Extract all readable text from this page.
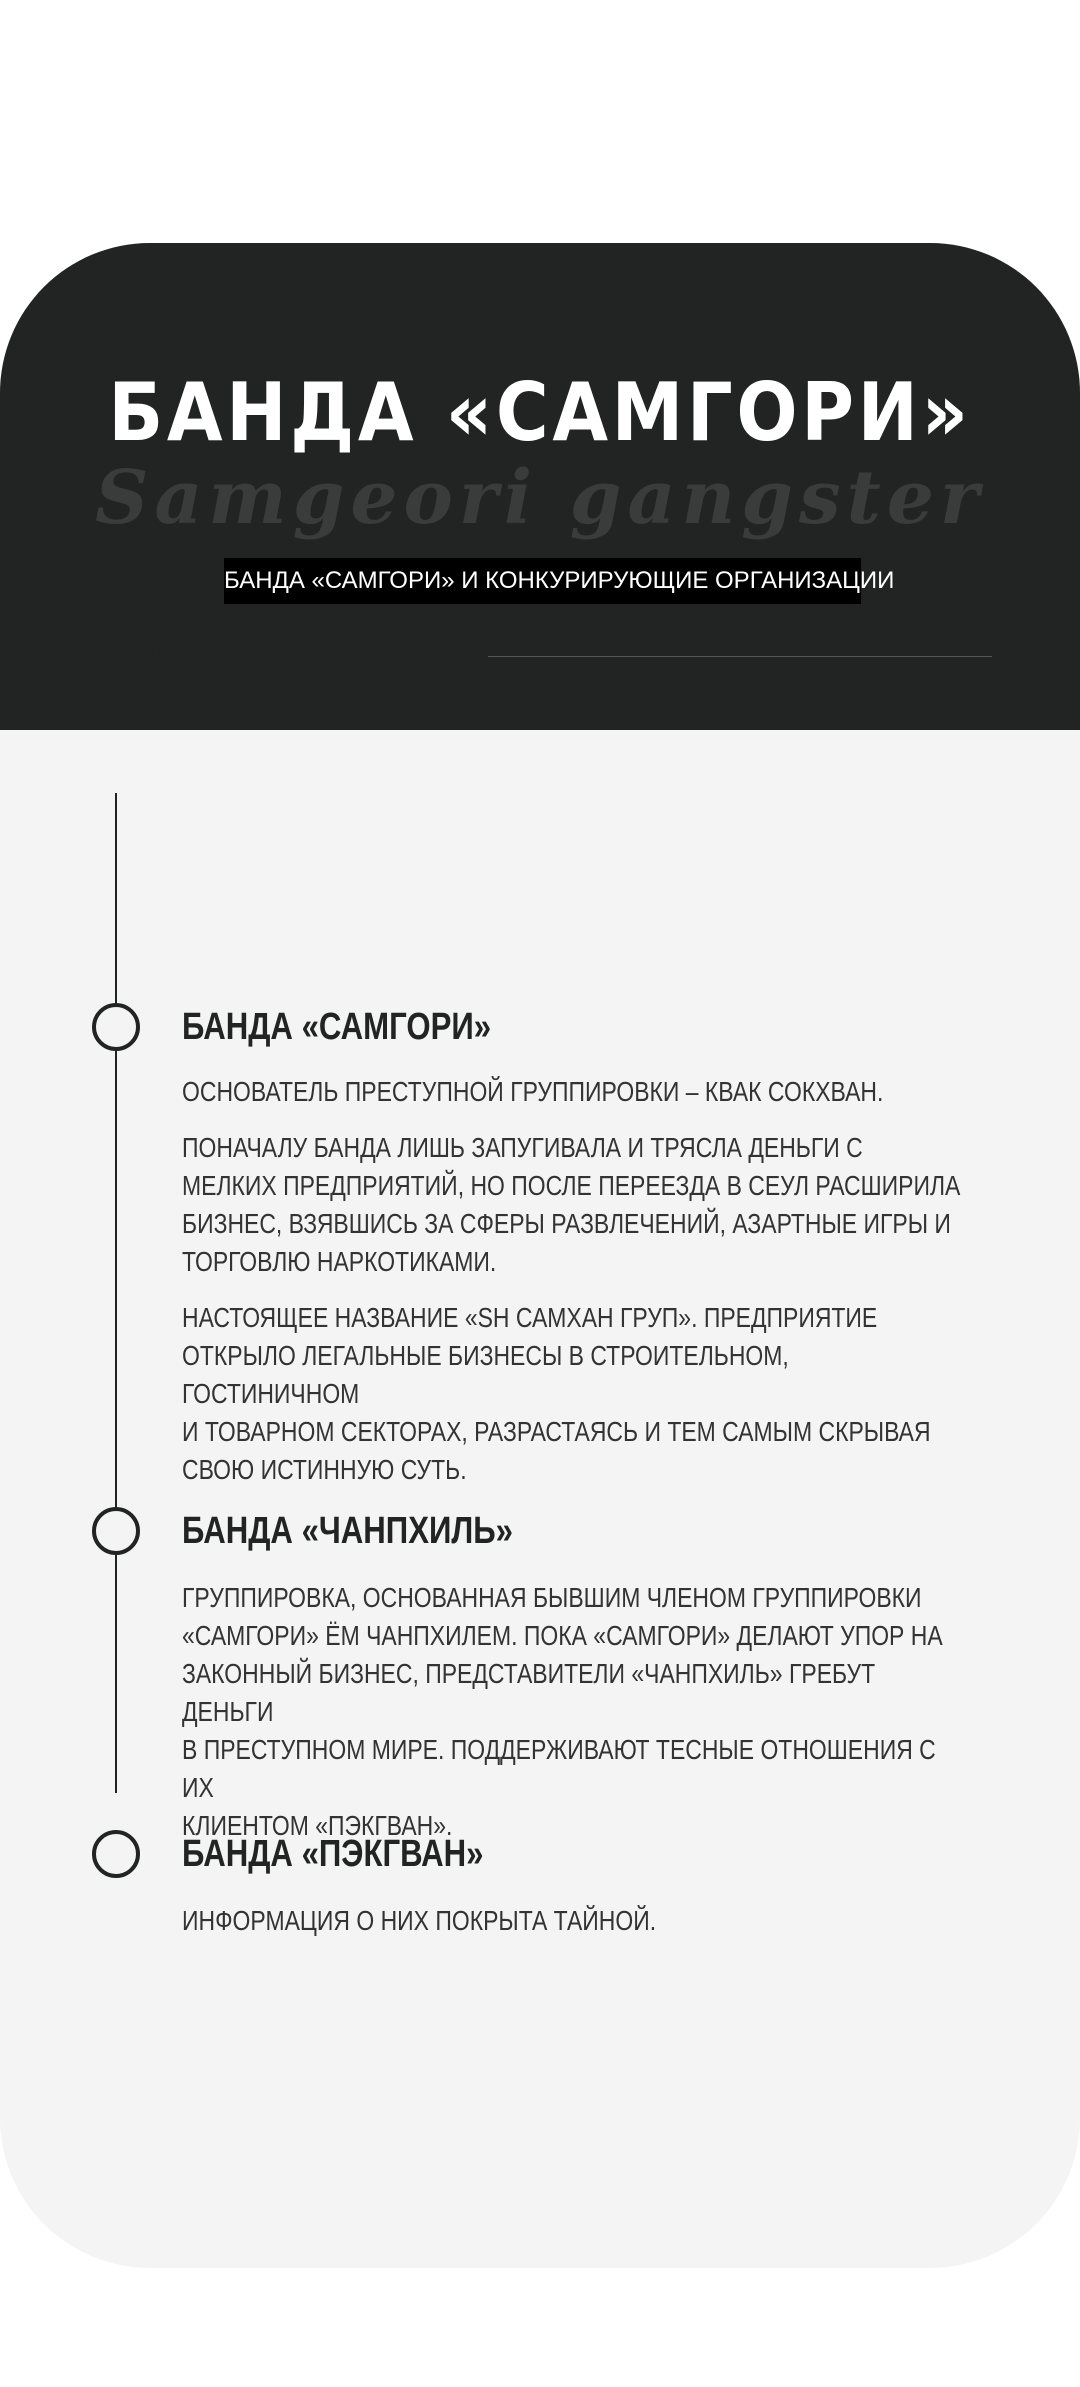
Samgeori gangster
БАНДА «САМГОРИ»
БАНДА «САМГОРИ» И КОНКУРИРУЮЩИЕ ОРГАНИЗАЦИИ
ОПИСАНИЕ ГРУППИРОВОК
БАНДА «САМГОРИ»

ОСНОВАТЕЛЬ ПРЕСТУПНОЙ ГРУППИРОВКИ – КВАК СОКХВАН.

ПОНАЧАЛУ БАНДА ЛИШЬ ЗАПУГИВАЛА И ТРЯСЛА ДЕНЬГИ С
МЕЛКИХ ПРЕДПРИЯТИЙ, НО ПОСЛЕ ПЕРЕЕЗДА В СЕУЛ РАСШИРИЛА
БИЗНЕС, ВЗЯВШИСЬ ЗА СФЕРЫ РАЗВЛЕЧЕНИЙ, АЗАРТНЫЕ ИГРЫ И
ТОРГОВЛЮ НАРКОТИКАМИ.

НАСТОЯЩЕЕ НАЗВАНИЕ «SH САМХАН ГРУП». ПРЕДПРИЯТИЕ
ОТКРЫЛО ЛЕГАЛЬНЫЕ БИЗНЕСЫ В СТРОИТЕЛЬНОМ, ГОСТИНИЧНОМ
И ТОВАРНОМ СЕКТОРАХ, РАЗРАСТАЯСЬ И ТЕМ САМЫМ СКРЫВАЯ
СВОЮ ИСТИННУЮ СУТЬ.

БАНДА «ЧАНПХИЛЬ»

ГРУППИРОВКА, ОСНОВАННАЯ БЫВШИМ ЧЛЕНОМ ГРУППИРОВКИ
«САМГОРИ» ЁМ ЧАНПХИЛЕМ. ПОКА «САМГОРИ» ДЕЛАЮТ УПОР НА
ЗАКОННЫЙ БИЗНЕС, ПРЕДСТАВИТЕЛИ «ЧАНПХИЛЬ» ГРЕБУТ ДЕНЬГИ
В ПРЕСТУПНОМ МИРЕ. ПОДДЕРЖИВАЮТ ТЕСНЫЕ ОТНОШЕНИЯ С ИХ
КЛИЕНТОМ «ПЭКГВАН».

БАНДА «ПЭКГВАН»

ИНФОРМАЦИЯ О НИХ ПОКРЫТА ТАЙНОЙ.
